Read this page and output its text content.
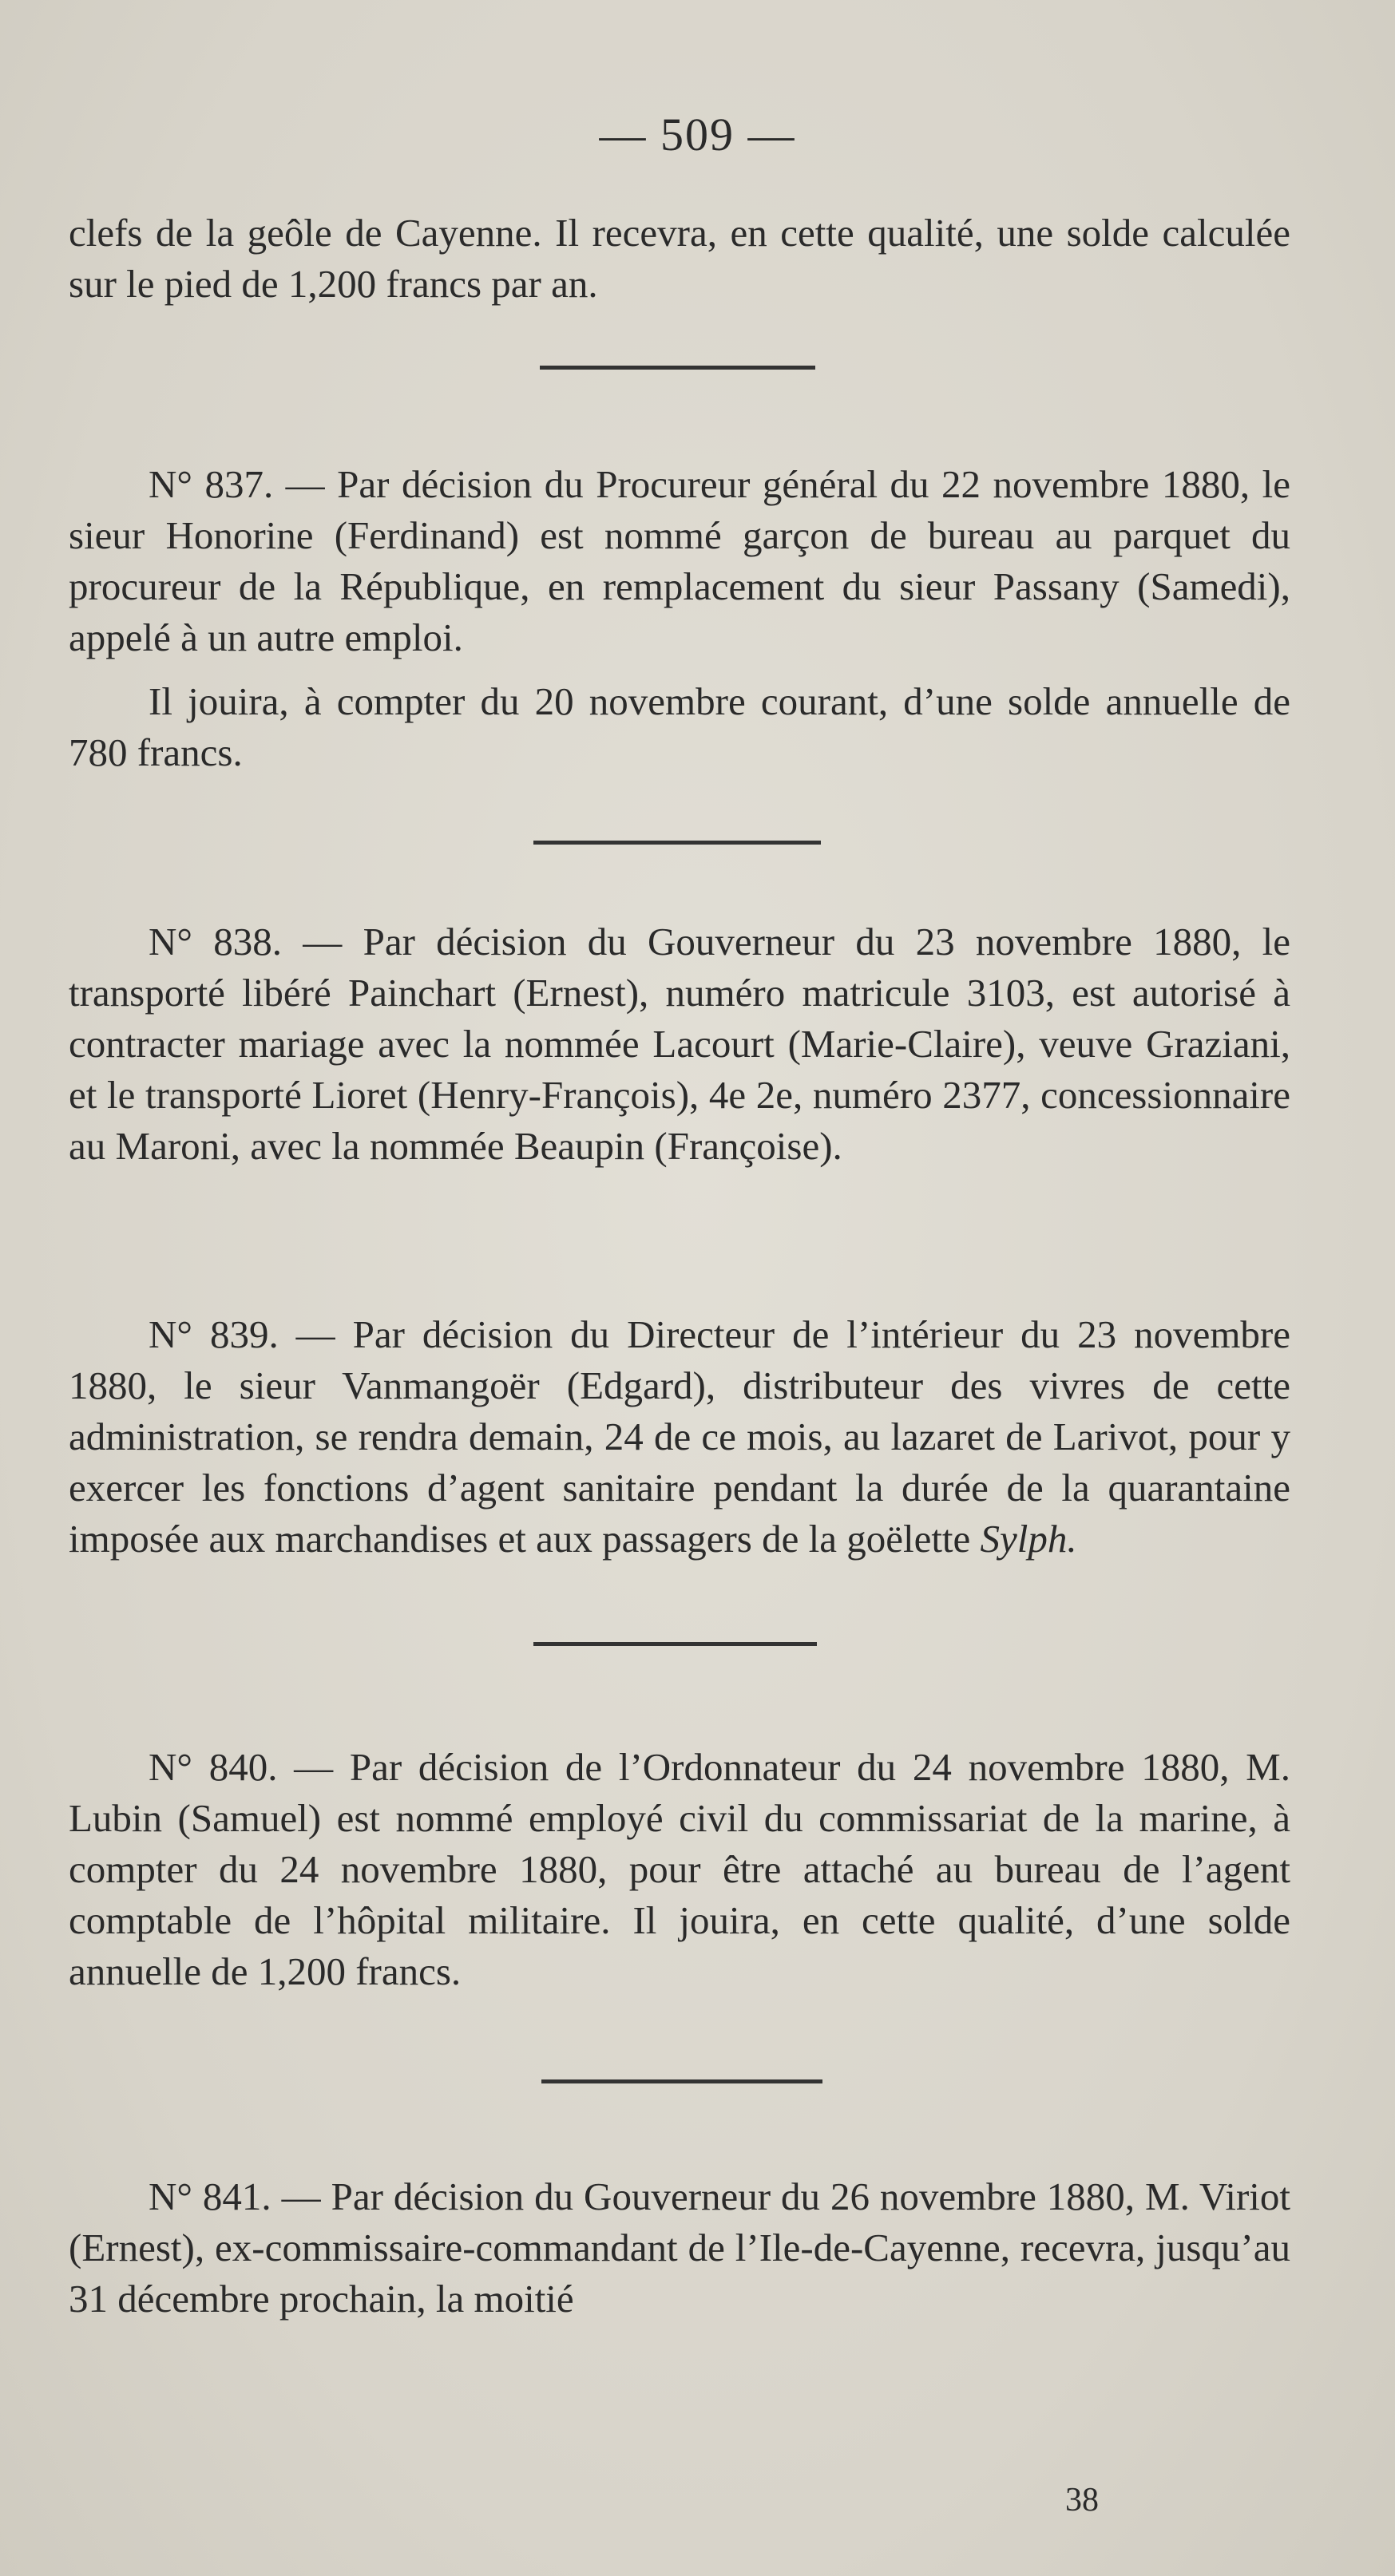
— 509 —

clefs de la geôle de Cayenne. Il recevra, en cette qualité, une solde calculée sur le pied de 1,200 francs par an.

N° 837. — Par décision du Procureur général du 22 novembre 1880, le sieur Honorine (Ferdinand) est nommé garçon de bureau au parquet du procureur de la République, en remplacement du sieur Passany (Samedi), appelé à un autre emploi.

Il jouira, à compter du 20 novembre courant, d’une solde annuelle de 780 francs.

N° 838. — Par décision du Gouverneur du 23 novembre 1880, le transporté libéré Painchart (Ernest), numéro matricule 3103, est autorisé à contracter mariage avec la nommée Lacourt (Marie-Claire), veuve Graziani, et le transporté Lioret (Henry-François), 4e 2e, numéro 2377, concessionnaire au Maroni, avec la nommée Beaupin (Françoise).

N° 839. — Par décision du Directeur de l’intérieur du 23 novembre 1880, le sieur Vanmangoër (Edgard), distributeur des vivres de cette administration, se rendra demain, 24 de ce mois, au lazaret de Larivot, pour y exercer les fonctions d’agent sanitaire pendant la durée de la quarantaine imposée aux marchandises et aux passagers de la goëlette Sylph.

N° 840. — Par décision de l’Ordonnateur du 24 novembre 1880, M. Lubin (Samuel) est nommé employé civil du commissariat de la marine, à compter du 24 novembre 1880, pour être attaché au bureau de l’agent comptable de l’hôpital militaire. Il jouira, en cette qualité, d’une solde annuelle de 1,200 francs.

N° 841. — Par décision du Gouverneur du 26 novembre 1880, M. Viriot (Ernest), ex-commissaire-commandant de l’Ile-de-Cayenne, recevra, jusqu’au 31 décembre prochain, la moitié

38
